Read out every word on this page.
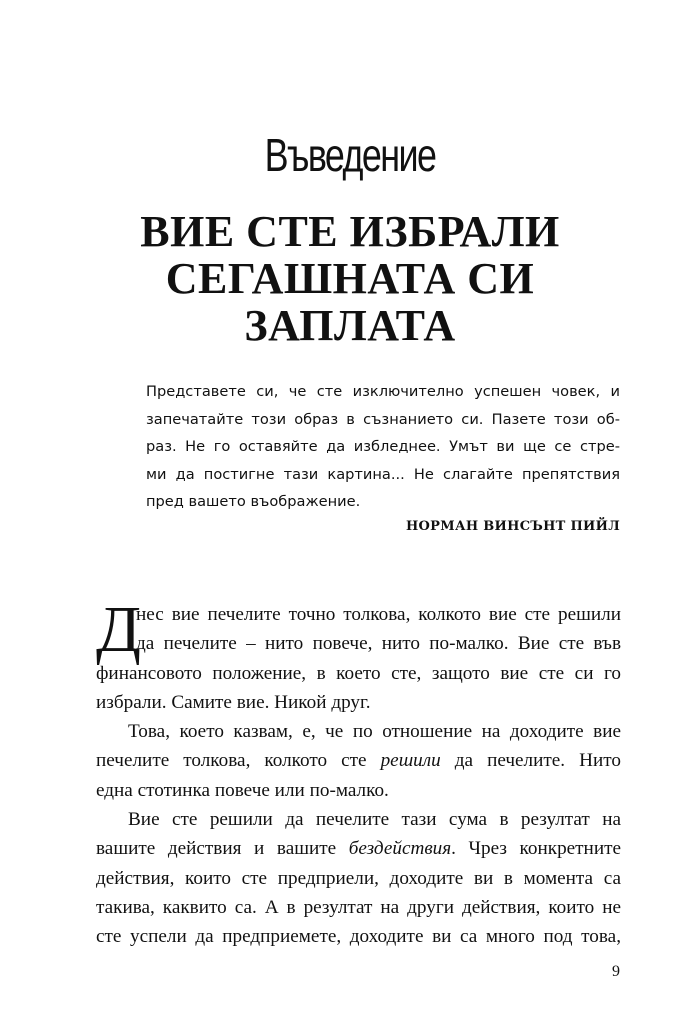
Въведение
ВИЕ СТЕ ИЗБРАЛИ
СЕГАШНАТА СИ
ЗАПЛАТА
Представете си, че сте изключително успешен човек, и
запечатайте този образ в съзнанието си. Пазете този об-
раз. Не го оставяйте да избледнее. Умът ви ще се стре-
ми да постигне тази картина... Не слагайте препятствия
пред вашето въображение.
НОРМАН ВИНСЪНТ ПИЙЛ
Д
нес вие печелите точно толкова, колкото вие сте решили
да печелите – нито повече, нито по-малко. Вие сте във
финансовото положение, в което сте, защото вие сте си го
избрали. Самите вие. Никой друг.
Това, което казвам, е, че по отношение на доходите вие
печелите толкова, колкото сте решили да печелите. Нито
една стотинка повече или по-малко.
Вие сте решили да печелите тази сума в резултат на
вашите действия и вашите бездействия. Чрез конкретните
действия, които сте предприели, доходите ви в момента са
такива, каквито са. А в резултат на други действия, които не
сте успели да предприемете, доходите ви са много под това,
9
